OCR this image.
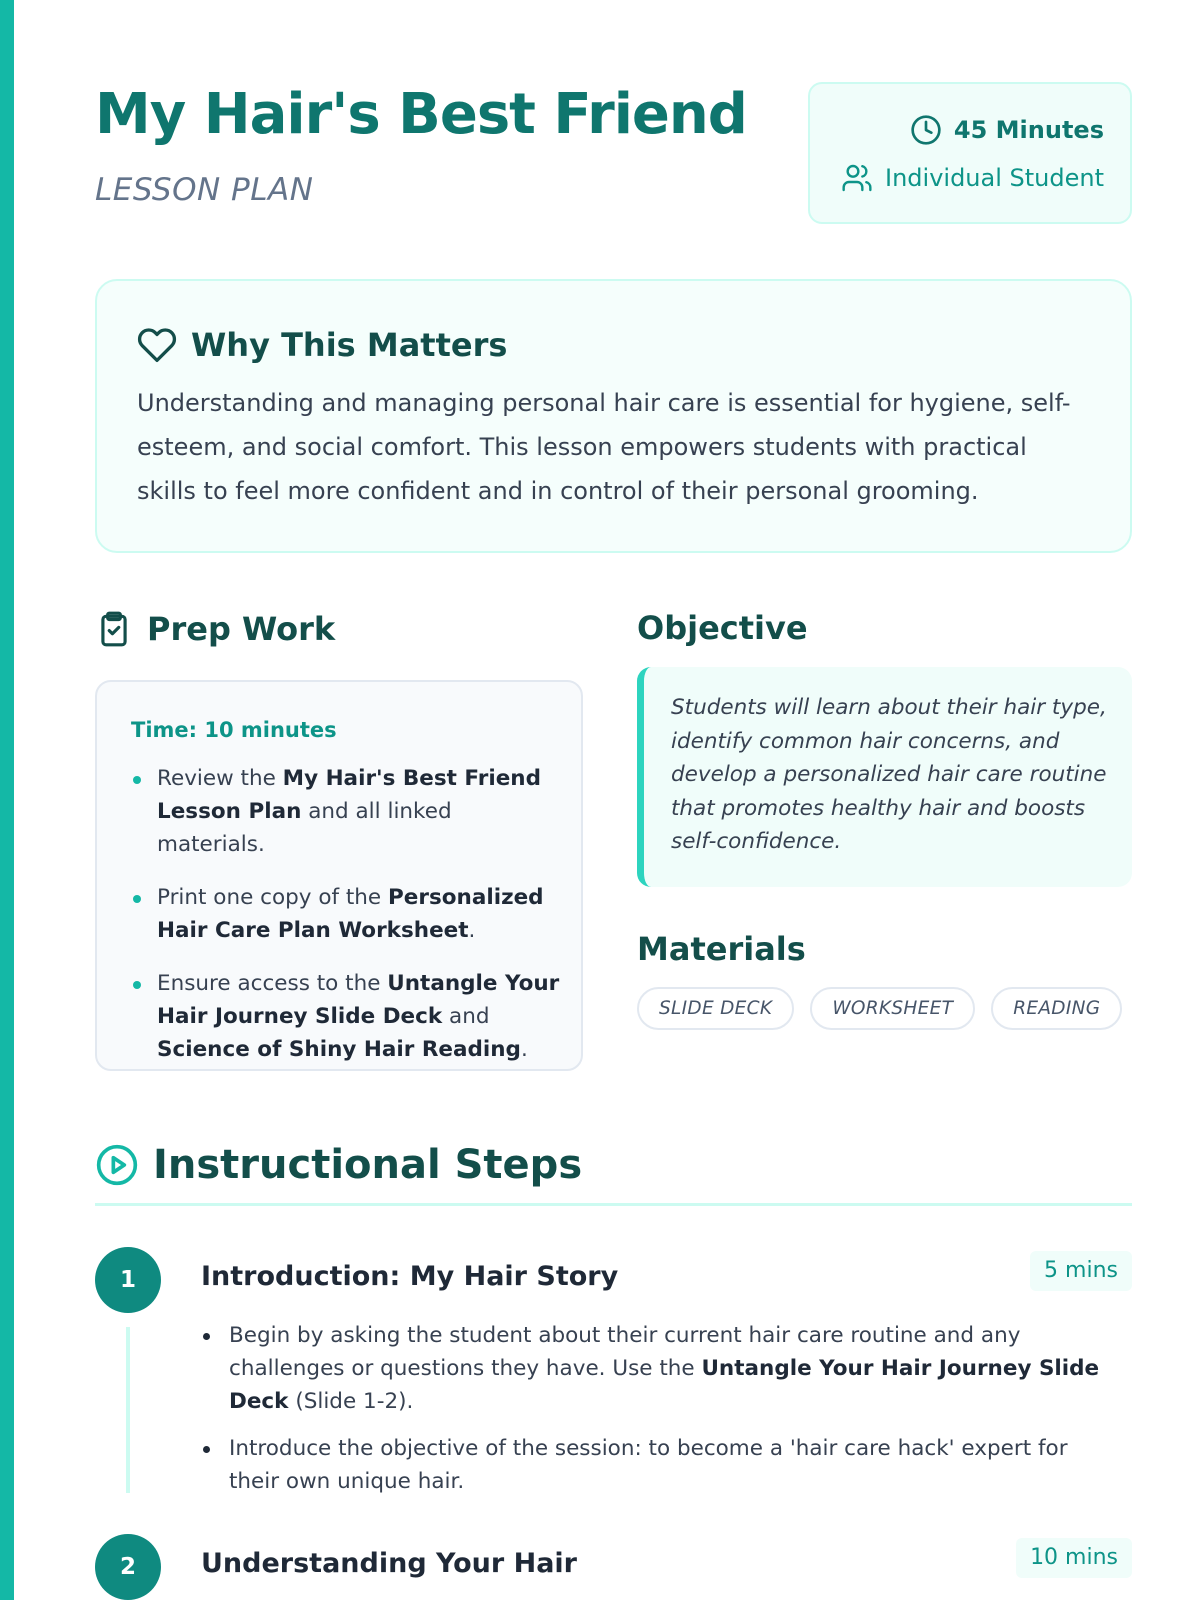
My Hair's Best Friend
LESSON PLAN
45 Minutes
Individual Student
Why This Matters

Understanding and managing personal hair care is essential for hygiene, self-esteem, and social comfort. This lesson empowers students with practical skills to feel more confident and in control of their personal grooming.

Prep Work
Time: 10 minutes
Review the My Hair's Best Friend Lesson Plan and all linked materials.
Print one copy of the Personalized Hair Care Plan Worksheet.
Ensure access to the Untangle Your Hair Journey Slide Deck and Science of Shiny Hair Reading.
Objective

Students will learn about their hair type, identify common hair concerns, and develop a personalized hair care routine that promotes healthy hair and boosts self-confidence.

Materials
SLIDE DECK	WORKSHEET	READING
Instructional Steps
1	Introduction: My Hair Story	5 mins
Begin by asking the student about their current hair care routine and any challenges or questions they have. Use the Untangle Your Hair Journey Slide Deck (Slide 1-2).
Introduce the objective of the session: to become a 'hair care hack' expert for their own unique hair.
2	Understanding Your Hair	10 mins
